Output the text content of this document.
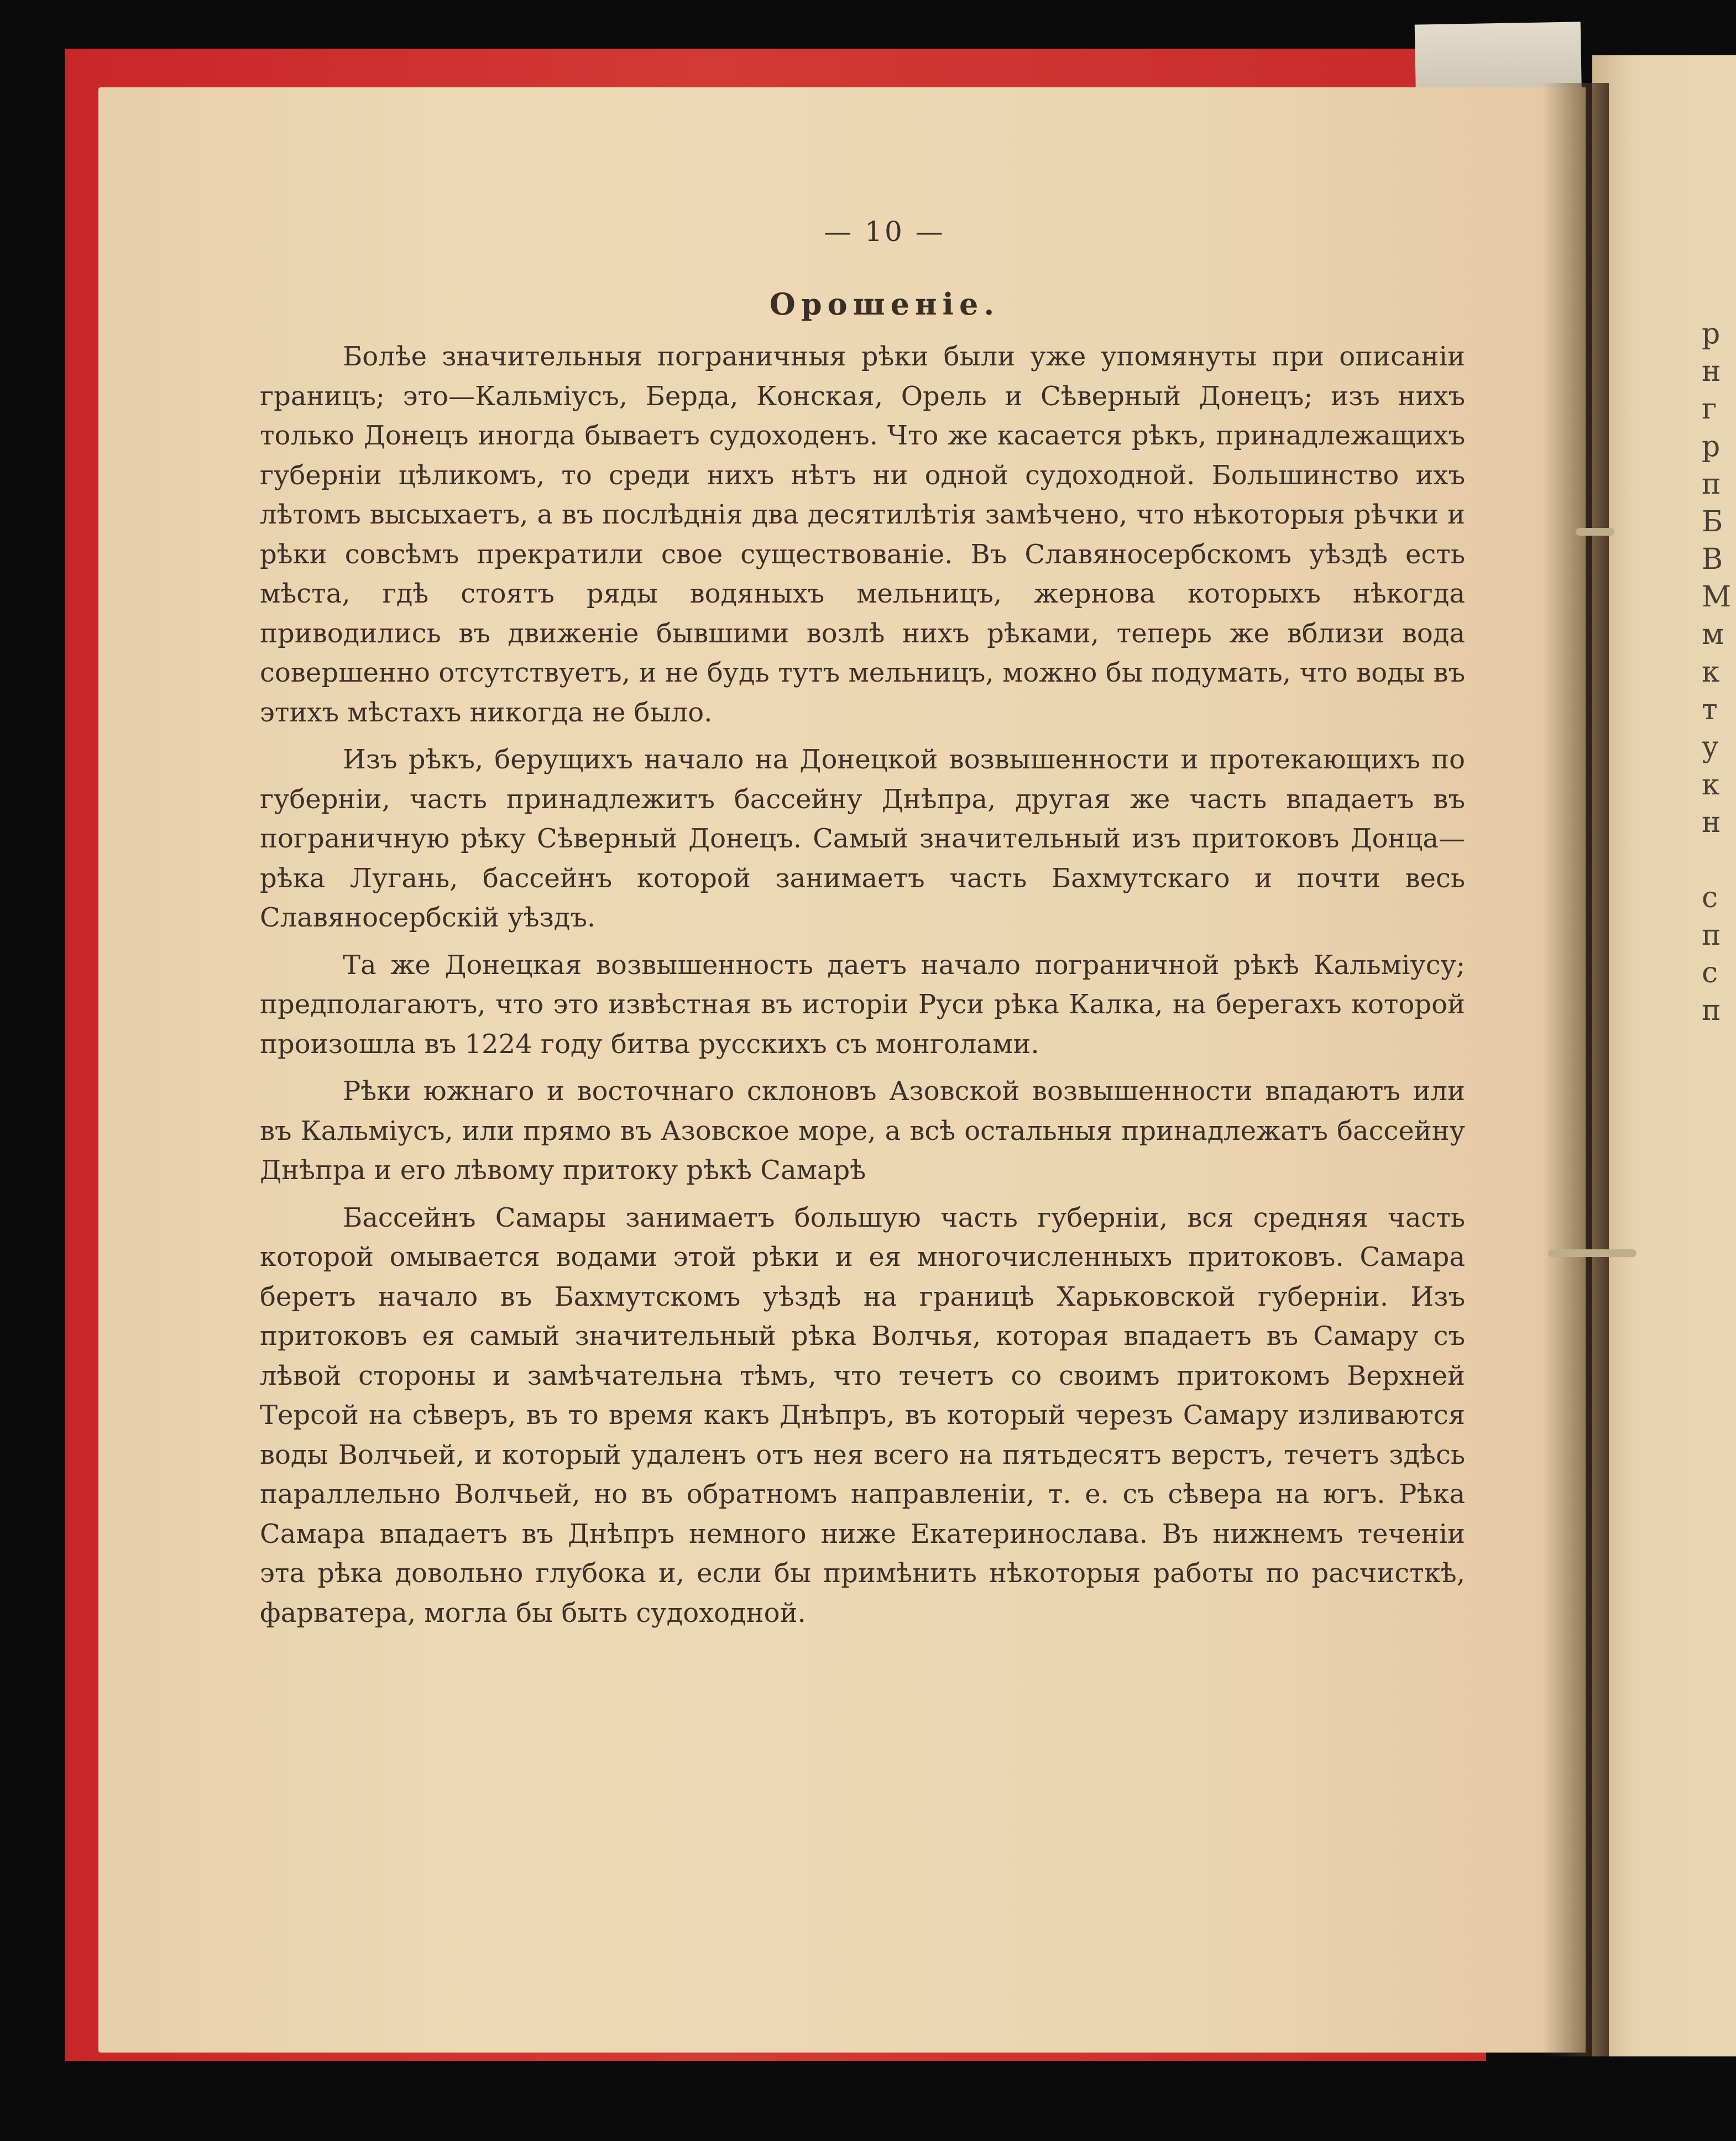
р
н
г
р
п
Б
В
М
м
к
т
у
к
н
с
п
с
п
— 10 —
Орошенiе.

Болѣе значительныя пограничныя рѣки были уже упомянуты при описанiи границъ; это—Кальмiусъ, Берда, Конская, Орель и Сѣверный Донецъ; изъ нихъ только Донецъ иногда бываетъ судоходенъ. Что же касается рѣкъ, принадлежащихъ губернiи цѣликомъ, то среди нихъ нѣтъ ни одной судоходной. Большинство ихъ лѣтомъ высыхаетъ, а въ послѣднiя два десятилѣтiя замѣчено, что нѣкоторыя рѣчки и рѣки совсѣмъ прекратили свое существованiе. Въ Славяносербскомъ уѣздѣ есть мѣста, гдѣ стоятъ ряды водяныхъ мельницъ, жернова которыхъ нѣкогда приводились въ движенiе бывшими возлѣ нихъ рѣками, теперь же вблизи вода совершенно отсутствуетъ, и не будь тутъ мельницъ, можно бы подумать, что воды въ этихъ мѣстахъ никогда не было.

Изъ рѣкъ, берущихъ начало на Донецкой возвышенности и протекающихъ по губернiи, часть принадлежитъ бассейну Днѣпра, другая же часть впадаетъ въ пограничную рѣку Сѣверный Донецъ. Самый значительный изъ притоковъ Донца—рѣка Лугань, бассейнъ которой занимаетъ часть Бахмутскаго и почти весь Славяносербскiй уѣздъ.

Та же Донецкая возвышенность даетъ начало пограничной рѣкѣ Кальмiусу; предполагаютъ, что это извѣстная въ исторiи Руси рѣка Калка, на берегахъ которой произошла въ 1224 году битва русскихъ съ монголами.

Рѣки южнаго и восточнаго склоновъ Азовской возвышенности впадаютъ или въ Кальмiусъ, или прямо въ Азовское море, а всѣ остальныя принадлежатъ бассейну Днѣпра и его лѣвому притоку рѣкѣ Самарѣ

Бассейнъ Самары занимаетъ большую часть губернiи, вся средняя часть которой омывается водами этой рѣки и ея многочисленныхъ притоковъ. Самара беретъ начало въ Бахмутскомъ уѣздѣ на границѣ Харьковской губернiи. Изъ притоковъ ея самый значительный рѣка Волчья, которая впадаетъ въ Самару съ лѣвой стороны и замѣчательна тѣмъ, что течетъ со своимъ притокомъ Верхней Терсой на сѣверъ, въ то время какъ Днѣпръ, въ который черезъ Самару изливаются воды Волчьей, и который удаленъ отъ нея всего на пятьдесятъ верстъ, течетъ здѣсь параллельно Волчьей, но въ обратномъ направленiи, т. е. съ сѣвера на югъ. Рѣка Самара впадаетъ въ Днѣпръ немного ниже Екатеринослава. Въ нижнемъ теченiи эта рѣка довольно глубока и, если бы примѣнить нѣкоторыя работы по расчисткѣ, фарватера, могла бы быть судоходной.
